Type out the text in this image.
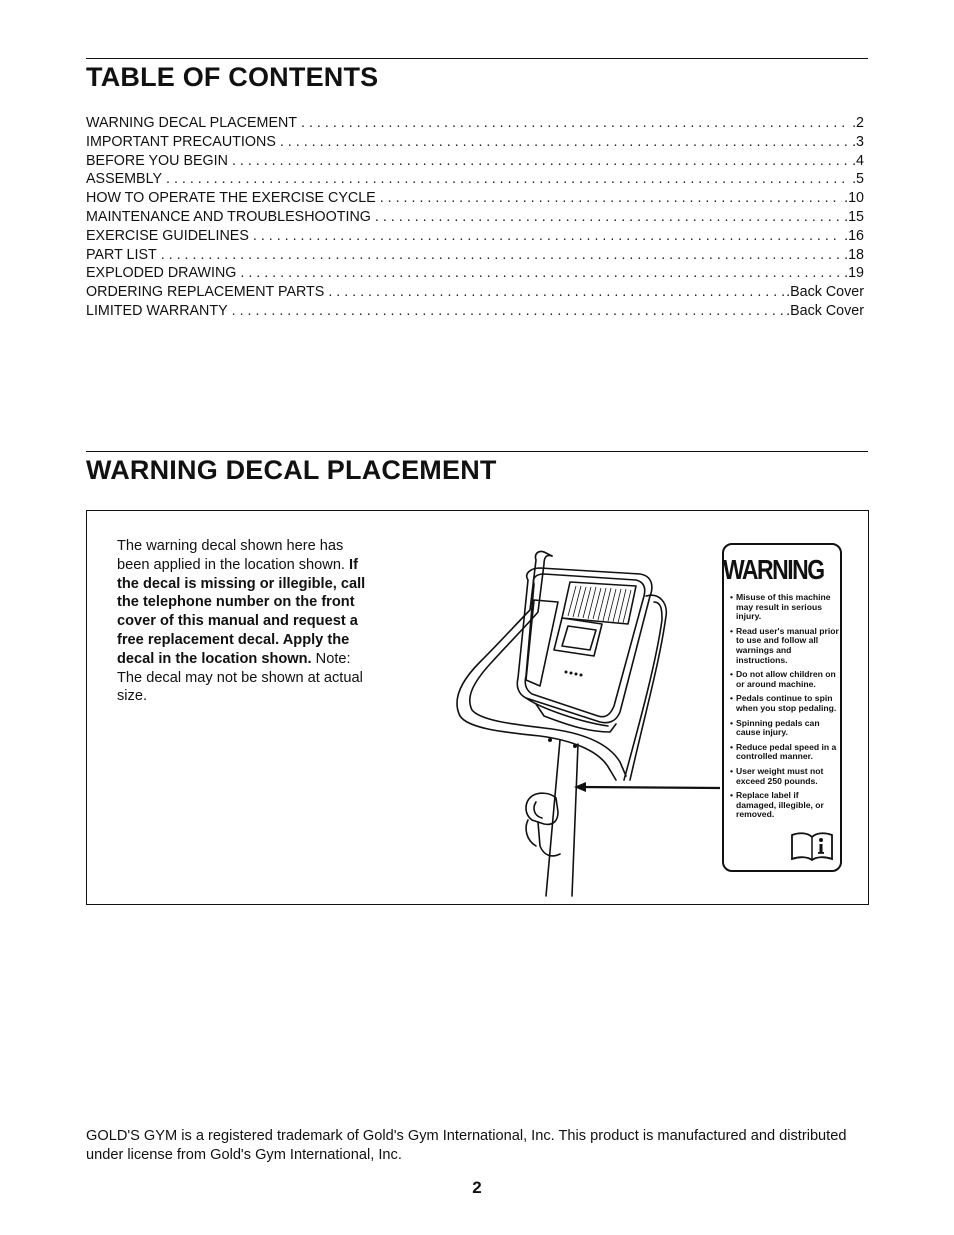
TABLE OF CONTENTS
WARNING DECAL PLACEMENT . . .	.2
IMPORTANT PRECAUTIONS . . .	.3
BEFORE YOU BEGIN . . .	.4
ASSEMBLY . . .	.5
HOW TO OPERATE THE EXERCISE CYCLE . . .	.10
MAINTENANCE AND TROUBLESHOOTING . . .	.15
EXERCISE GUIDELINES . . .	.16
PART LIST . . .	.18
EXPLODED DRAWING . . .	.19
ORDERING REPLACEMENT PARTS . . .	.Back Cover
LIMITED WARRANTY . . .	.Back Cover
WARNING DECAL PLACEMENT
The warning decal shown here has been applied in the location shown. If the decal is missing or illegible, call the telephone number on the front cover of this manual and request a free replacement decal. Apply the decal in the location shown. Note: The decal may not be shown at actual size.
WARNING
• Misuse of this machine may result in serious injury.
• Read user's manual prior to use and follow all warnings and instructions.
• Do not allow children on or around machine.
• Pedals continue to spin when you stop pedaling.
• Spinning pedals can cause injury.
• Reduce pedal speed in a controlled manner.
• User weight must not exceed 250 pounds.
• Replace label if damaged, illegible, or removed.
GOLD'S GYM is a registered trademark of Gold's Gym International, Inc. This product is manufactured and distributed under license from Gold's Gym International, Inc.
2
